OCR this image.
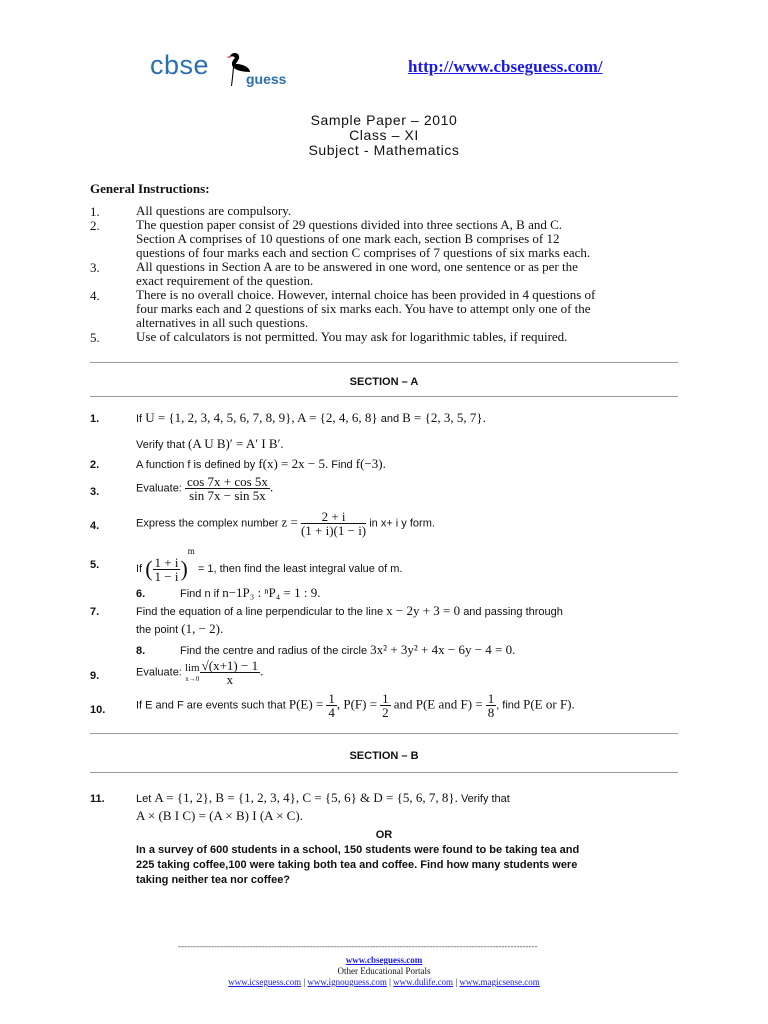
cbse	guess
http://www.cbseguess.com/
Sample Paper – 2010
Class – XI
Subject - Mathematics
General Instructions:
1.	All questions are compulsory.
2.	The question paper consist of 29 questions divided into three sections A, B and C.
Section A comprises of 10 questions of one mark each, section B comprises of 12
questions of four marks each and section C comprises of 7 questions of six marks each.
3.	All questions in Section A are to be answered in one word, one sentence or as per the
exact requirement of the question.
4.	There is no overall choice. However, internal choice has been provided in 4 questions of
four marks each and 2 questions of six marks each. You have to attempt only one of the
alternatives in all such questions.
5.	Use of calculators is not permitted. You may ask for logarithmic tables, if required.
SECTION – A
1.	If U = {1, 2, 3, 4, 5, 6, 7, 8, 9}, A = {2, 4, 6, 8} and B = {2, 3, 5, 7}.
Verify that (A U B)′ = A′ I B′.
2.	A function f is defined by f(x) = 2x − 5. Find f(−3).
3.	Evaluate: $\frac{\cos 7x + \cos 5x}{\sin 7x - \sin 5x}$ .
4.	Express the complex number $z = \frac{2 + i}{(1 + i)(1 - i)}$ in x+ i y form.
5.	If ( $\frac{1 + i}{1 - i} )^m = 1$, then find the least integral value of m.
6.	Find n if n−1P₃ : ⁿP₄ = 1 : 9.
7.	Find the equation of a line perpendicular to the line x − 2y + 3 = 0 and passing through
the point (1, − 2).
8.	Find the centre and radius of the circle 3x² + 3y² + 4x − 6y − 4 = 0.
9.	Evaluate: lim
$x\to 0 \frac{√(x+1) - 1}{x}$ .
10.	If E and F are events such that $P(E) = \frac{1}{4}$ , $P(F) = \frac{1}{2}$ and P(E and $F) = \frac{1}{8}$ , find P(E or F).
SECTION – B
11.	Let A = {1, 2}, B = {1, 2, 3, 4}, C = {5, 6} & D = {5, 6, 7, 8}. Verify that
A × (B I C) = (A × B) I (A × C).
OR
In a survey of 600 students in a school, 150 students were found to be taking tea and
225 taking coffee,100 were taking both tea and coffee. Find how many students were
taking neither tea nor coffee?
------------------------------------------------------------------------------------------------------------------------
www.cbseguess.com
Other Educational Portals
www.icseguess.com | www.ignouguess.com | www.dulife.com | www.magicsense.com
